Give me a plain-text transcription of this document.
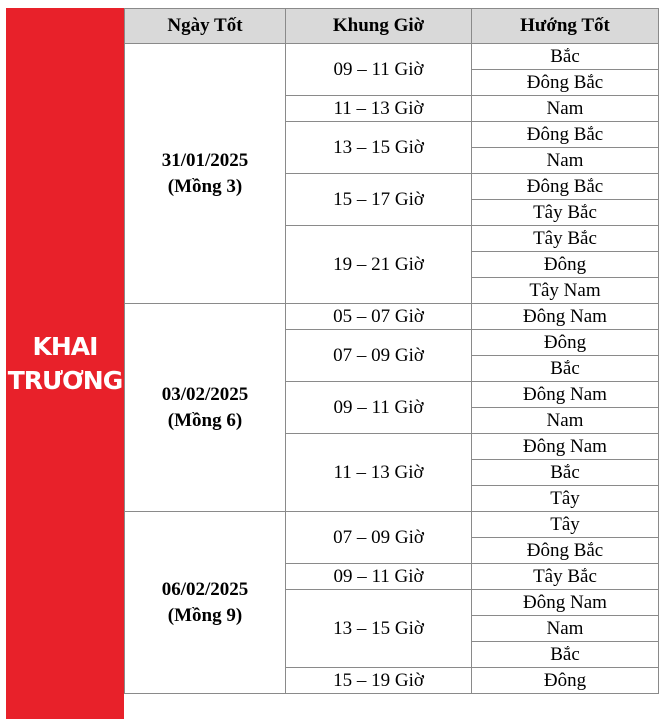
KHAI
TRƯƠNG
Ngày Tốt	Khung Giờ	Hướng Tốt

31/01/2025
(Mồng 3)	09 – 11 Giờ	Bắc
		Đông Bắc
	11 – 13 Giờ	Nam
	13 – 15 Giờ	Đông Bắc
		Nam
	15 – 17 Giờ	Đông Bắc
		Tây Bắc
	19 – 21 Giờ	Tây Bắc
		Đông
		Tây Nam

03/02/2025
(Mồng 6)	05 – 07 Giờ	Đông Nam
	07 – 09 Giờ	Đông
		Bắc
	09 – 11 Giờ	Đông Nam
		Nam
	11 – 13 Giờ	Đông Nam
		Bắc
		Tây

06/02/2025
(Mồng 9)	07 – 09 Giờ	Tây
		Đông Bắc
	09 – 11 Giờ	Tây Bắc
	13 – 15 Giờ	Đông Nam
		Nam
		Bắc
	15 – 19 Giờ	Đông
